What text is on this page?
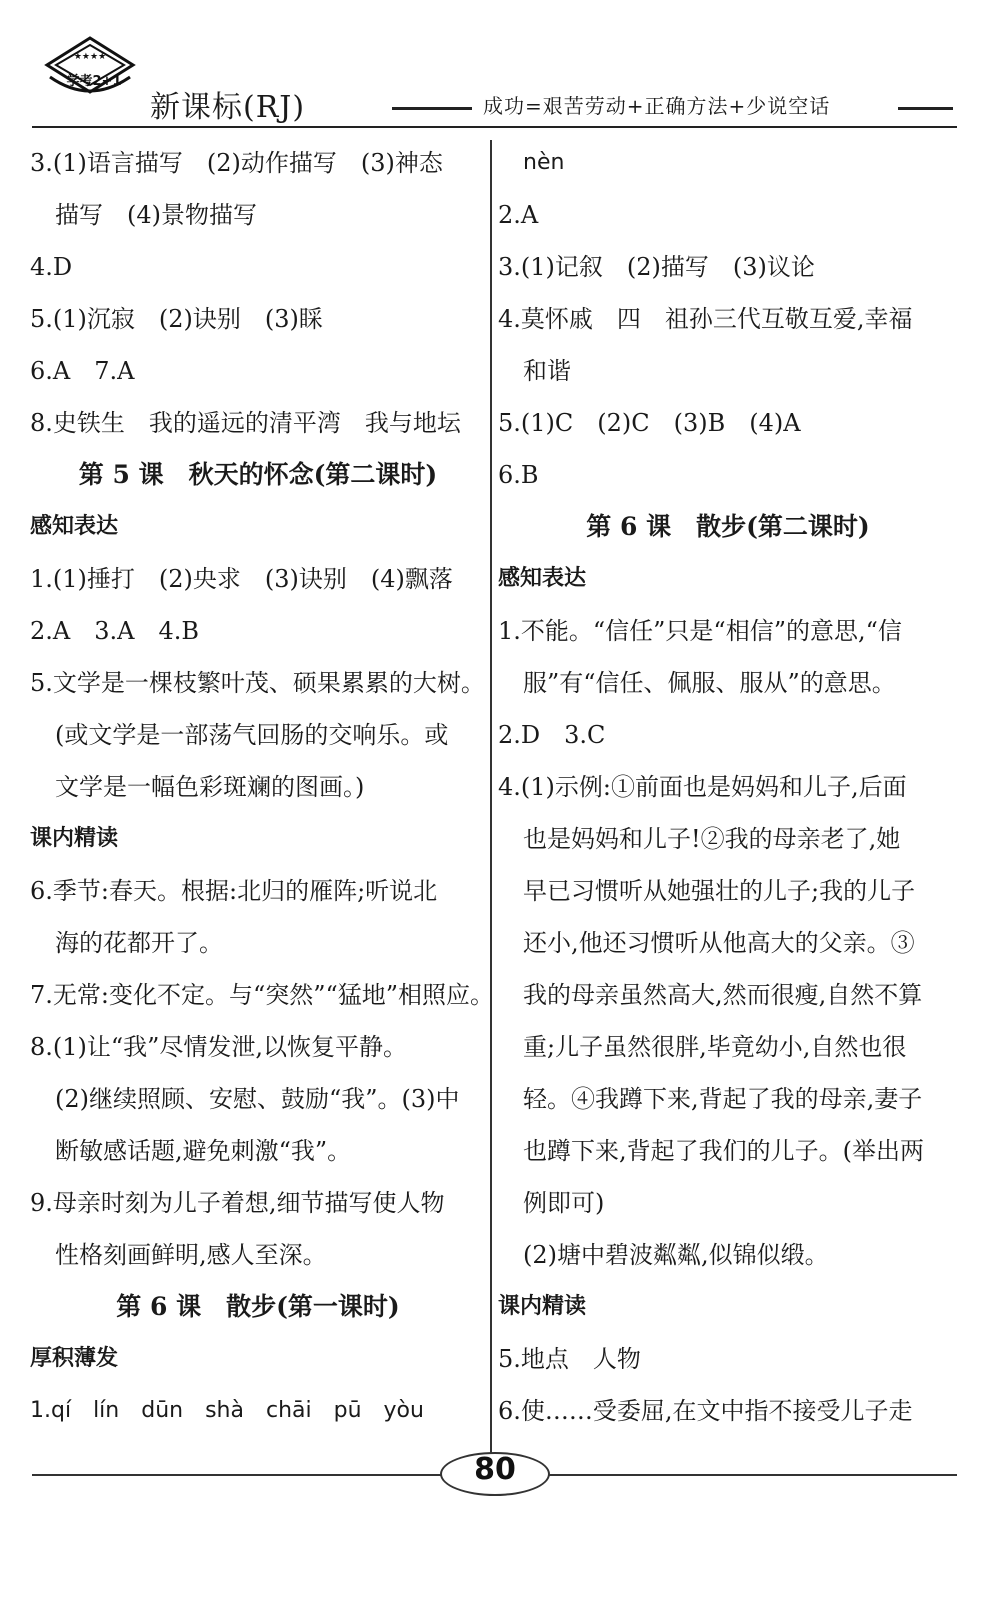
★★★★
学考2+1
新课标(RJ)	成功=艰苦劳动+正确方法+少说空话
3.(1)语言描写　(2)动作描写　(3)神态
描写　(4)景物描写
4.D
5.(1)沉寂　(2)诀别　(3)睬
6.A　7.A
8.史铁生　我的遥远的清平湾　我与地坛
第 5 课　秋天的怀念(第二课时)
感知表达
1.(1)捶打　(2)央求　(3)诀别　(4)飘落
2.A　3.A　4.B
5.文学是一棵枝繁叶茂、硕果累累的大树。
(或文学是一部荡气回肠的交响乐。或
文学是一幅色彩斑斓的图画。)
课内精读
6.季节:春天。根据:北归的雁阵;听说北
海的花都开了。
7.无常:变化不定。与“突然”“猛地”相照应。
8.(1)让“我”尽情发泄,以恢复平静。
(2)继续照顾、安慰、鼓励“我”。(3)中
断敏感话题,避免刺激“我”。
9.母亲时刻为儿子着想,细节描写使人物
性格刻画鲜明,感人至深。
第 6 课　散步(第一课时)
厚积薄发
1.qí　lín　dūn　shà　chāi　pū　yòu
nèn
2.A
3.(1)记叙　(2)描写　(3)议论
4.莫怀戚　四　祖孙三代互敬互爱,幸福
和谐
5.(1)C　(2)C　(3)B　(4)A
6.B
第 6 课　散步(第二课时)
感知表达
1.不能。“信任”只是“相信”的意思,“信
服”有“信任、佩服、服从”的意思。
2.D　3.C
4.(1)示例:①前面也是妈妈和儿子,后面
也是妈妈和儿子!②我的母亲老了,她
早已习惯听从她强壮的儿子;我的儿子
还小,他还习惯听从他高大的父亲。③
我的母亲虽然高大,然而很瘦,自然不算
重;儿子虽然很胖,毕竟幼小,自然也很
轻。④我蹲下来,背起了我的母亲,妻子
也蹲下来,背起了我们的儿子。(举出两
例即可)
(2)塘中碧波粼粼,似锦似缎。
课内精读
5.地点　人物
6.使……受委屈,在文中指不接受儿子走
80
